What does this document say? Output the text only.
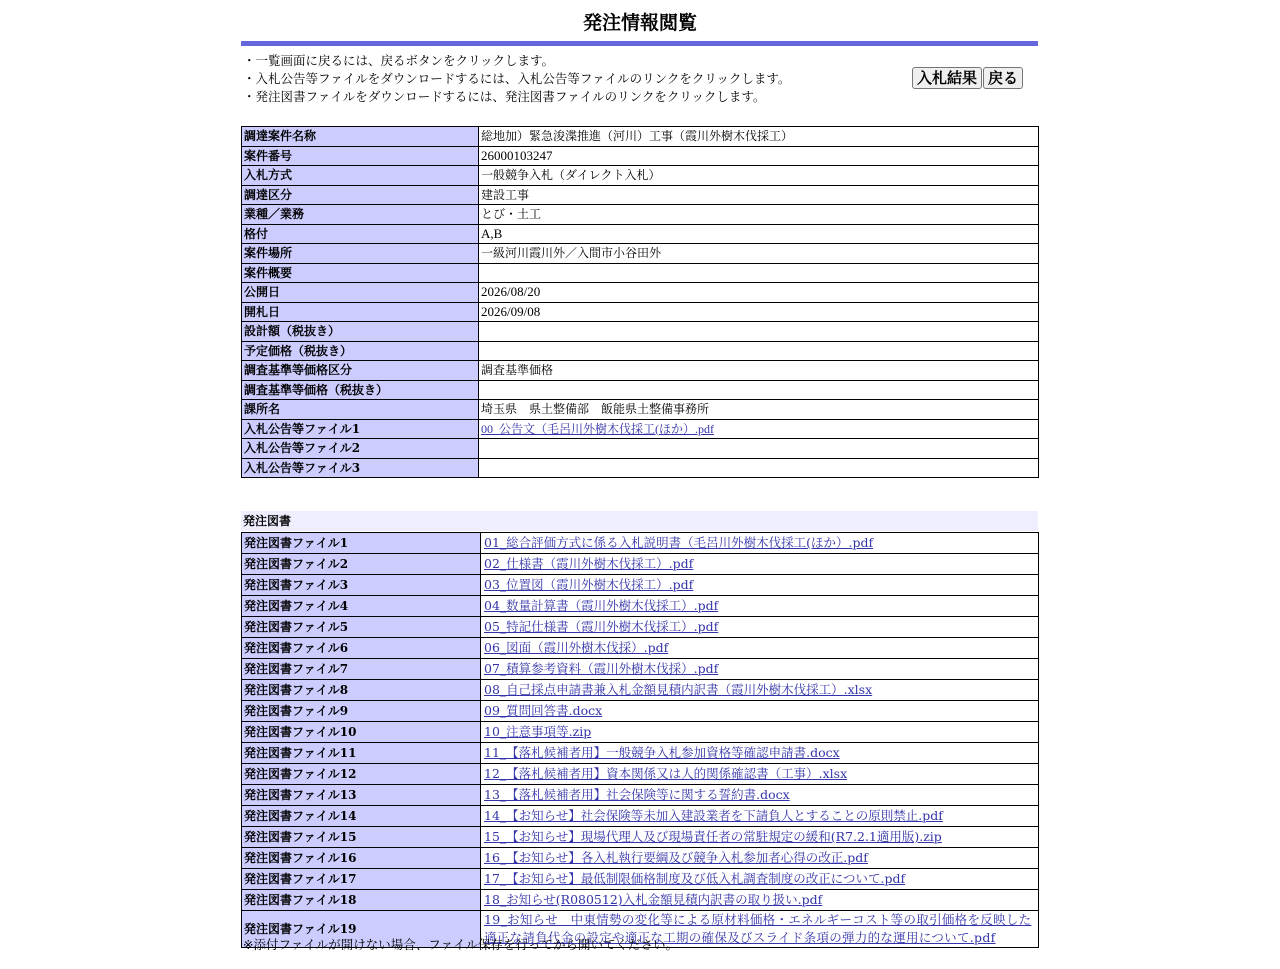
発注情報閲覧
・一覧画面に戻るには、戻るボタンをクリックします。
・入札公告等ファイルをダウンロードするには、入札公告等ファイルのリンクをクリックします。
・発注図書ファイルをダウンロードするには、発注図書ファイルのリンクをクリックします。
入札結果 戻る
調達案件名称	総地加）緊急浚渫推進（河川）工事（霞川外樹木伐採工）
案件番号	26000103247
入札方式	一般競争入札（ダイレクト入札）
調達区分	建設工事
業種／業務	とび・土工
格付	A,B
案件場所	一級河川霞川外／入間市小谷田外
案件概要	
公開日	2026/08/20
開札日	2026/09/08
設計額（税抜き）	
予定価格（税抜き）	
調査基準等価格区分	調査基準価格
調査基準等価格（税抜き）	
課所名	埼玉県　県土整備部　飯能県土整備事務所
入札公告等ファイル1	00_公告文（毛呂川外樹木伐採工(ほか）.pdf
入札公告等ファイル2	
入札公告等ファイル3	
発注図書
発注図書ファイル1	01_総合評価方式に係る入札説明書（毛呂川外樹木伐採工(ほか）.pdf
発注図書ファイル2	02_仕様書（霞川外樹木伐採工）.pdf
発注図書ファイル3	03_位置図（霞川外樹木伐採工）.pdf
発注図書ファイル4	04_数量計算書（霞川外樹木伐採工）.pdf
発注図書ファイル5	05_特記仕様書（霞川外樹木伐採工）.pdf
発注図書ファイル6	06_図面（霞川外樹木伐採）.pdf
発注図書ファイル7	07_積算参考資料（霞川外樹木伐採）.pdf
発注図書ファイル8	08_自己採点申請書兼入札金額見積内訳書（霞川外樹木伐採工）.xlsx
発注図書ファイル9	09_質問回答書.docx
発注図書ファイル10	10_注意事項等.zip
発注図書ファイル11	11_【落札候補者用】一般競争入札参加資格等確認申請書.docx
発注図書ファイル12	12_【落札候補者用】資本関係又は人的関係確認書（工事）.xlsx
発注図書ファイル13	13_【落札候補者用】社会保険等に関する誓約書.docx
発注図書ファイル14	14_【お知らせ】社会保険等未加入建設業者を下請負人とすることの原則禁止.pdf
発注図書ファイル15	15_【お知らせ】現場代理人及び現場責任者の常駐規定の緩和(R7.2.1適用版).zip
発注図書ファイル16	16_【お知らせ】各入札執行要綱及び競争入札参加者心得の改正.pdf
発注図書ファイル17	17_【お知らせ】最低制限価格制度及び低入札調査制度の改正について.pdf
発注図書ファイル18	18_お知らせ(R080512)入札金額見積内訳書の取り扱い.pdf
発注図書ファイル19	19_お知らせ＿中東情勢の変化等による原材料価格・エネルギーコスト等の取引価格を反映した適正な請負代金の設定や適正な工期の確保及びスライド条項の弾力的な運用について.pdf
※添付ファイルが開けない場合、ファイル保存を行ってから開いてください。
